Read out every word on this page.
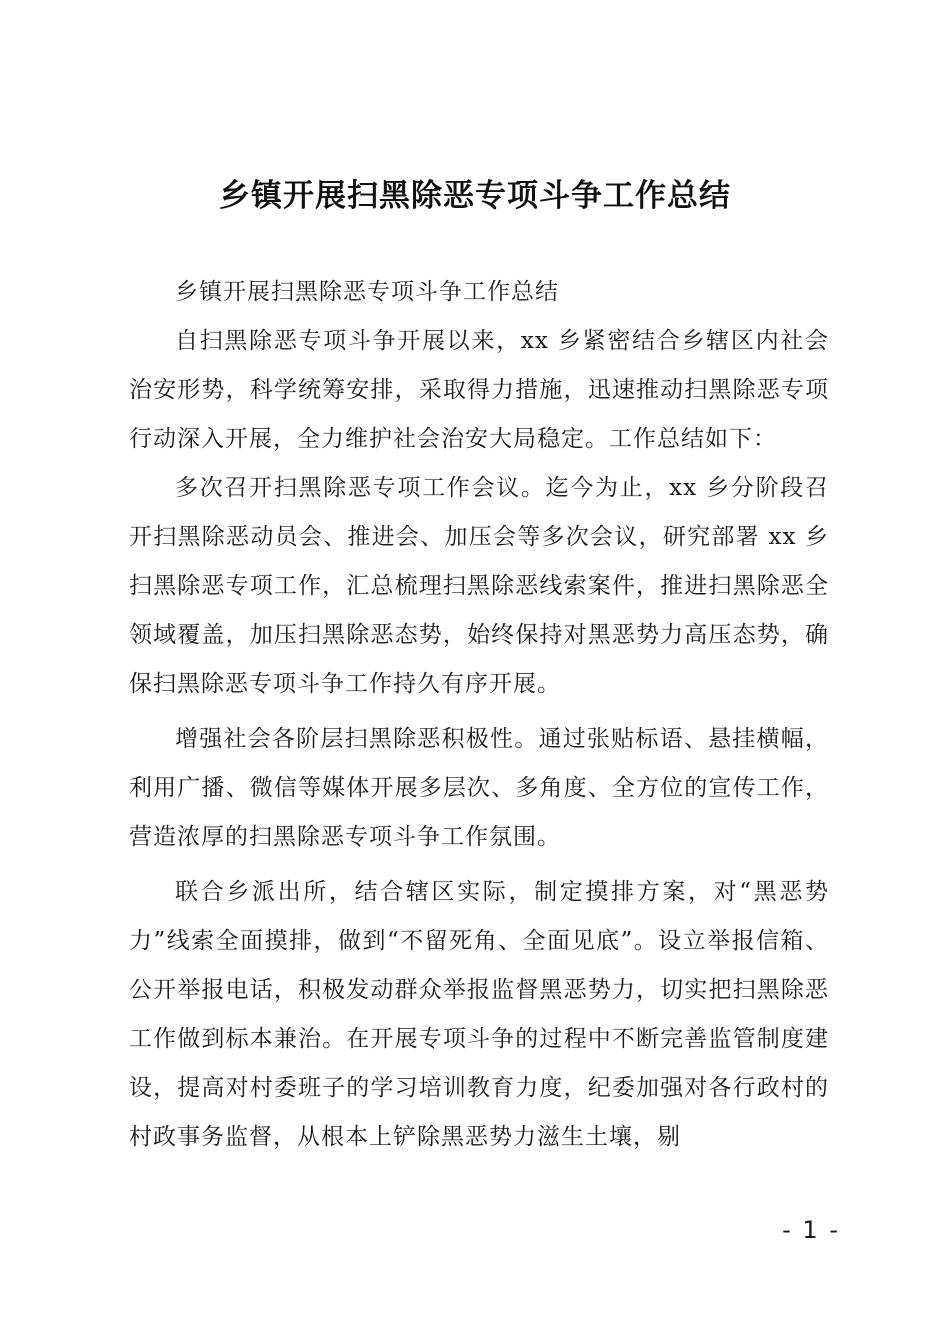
乡镇开展扫黑除恶专项斗争工作总结

乡镇开展扫黑除恶专项斗争工作总结

自扫黑除恶专项斗争开展以来，xx 乡紧密结合乡辖区内社会治安形势，科学统筹安排，采取得力措施，迅速推动扫黑除恶专项行动深入开展，全力维护社会治安大局稳定。工作总结如下：

多次召开扫黑除恶专项工作会议。迄今为止，xx 乡分阶段召开扫黑除恶动员会、推进会、加压会等多次会议，研究部署 xx 乡扫黑除恶专项工作，汇总梳理扫黑除恶线索案件，推进扫黑除恶全领域覆盖，加压扫黑除恶态势，始终保持对黑恶势力高压态势，确保扫黑除恶专项斗争工作持久有序开展。

增强社会各阶层扫黑除恶积极性。通过张贴标语、悬挂横幅，利用广播、微信等媒体开展多层次、多角度、全方位的宣传工作，营造浓厚的扫黑除恶专项斗争工作氛围。

联合乡派出所，结合辖区实际，制定摸排方案，对“黑恶势力”线索全面摸排，做到“不留死角、全面见底”。设立举报信箱、公开举报电话，积极发动群众举报监督黑恶势力，切实把扫黑除恶工作做到标本兼治。在开展专项斗争的过程中不断完善监管制度建设，提高对村委班子的学习培训教育力度，纪委加强对各行政村的村政事务监督，从根本上铲除黑恶势力滋生土壤，剔

- 1 -
